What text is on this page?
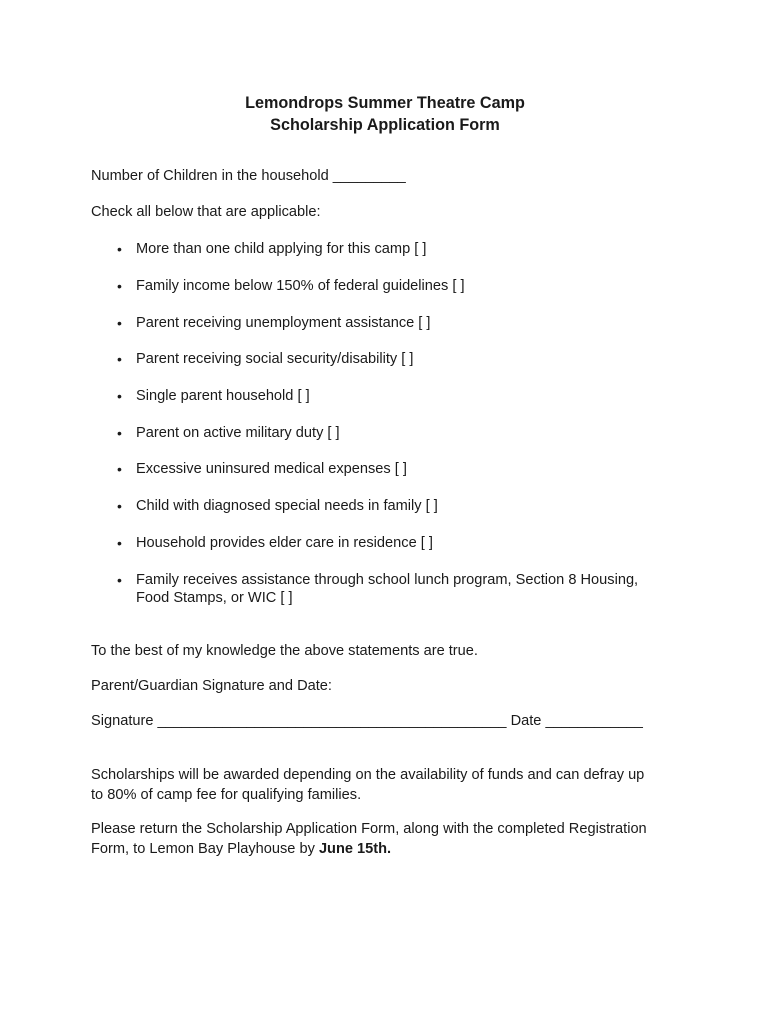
Lemondrops Summer Theatre Camp
Scholarship Application Form
Number of Children in the household _________
Check all below that are applicable:
• More than one child applying for this camp [ ]
• Family income below 150% of federal guidelines [ ]
• Parent receiving unemployment assistance [ ]
• Parent receiving social security/disability [ ]
• Single parent household [ ]
• Parent on active military duty [ ]
• Excessive uninsured medical expenses [ ]
• Child with diagnosed special needs in family [ ]
• Household provides elder care in residence [ ]
• Family receives assistance through school lunch program, Section 8 Housing,
Food Stamps, or WIC [ ]
To the best of my knowledge the above statements are true.
Parent/Guardian Signature and Date:
Signature ___________________________________________ Date ____________
Scholarships will be awarded depending on the availability of funds and can defray up
to 80% of camp fee for qualifying families.
Please return the Scholarship Application Form, along with the completed Registration
Form, to Lemon Bay Playhouse by June 15th.
